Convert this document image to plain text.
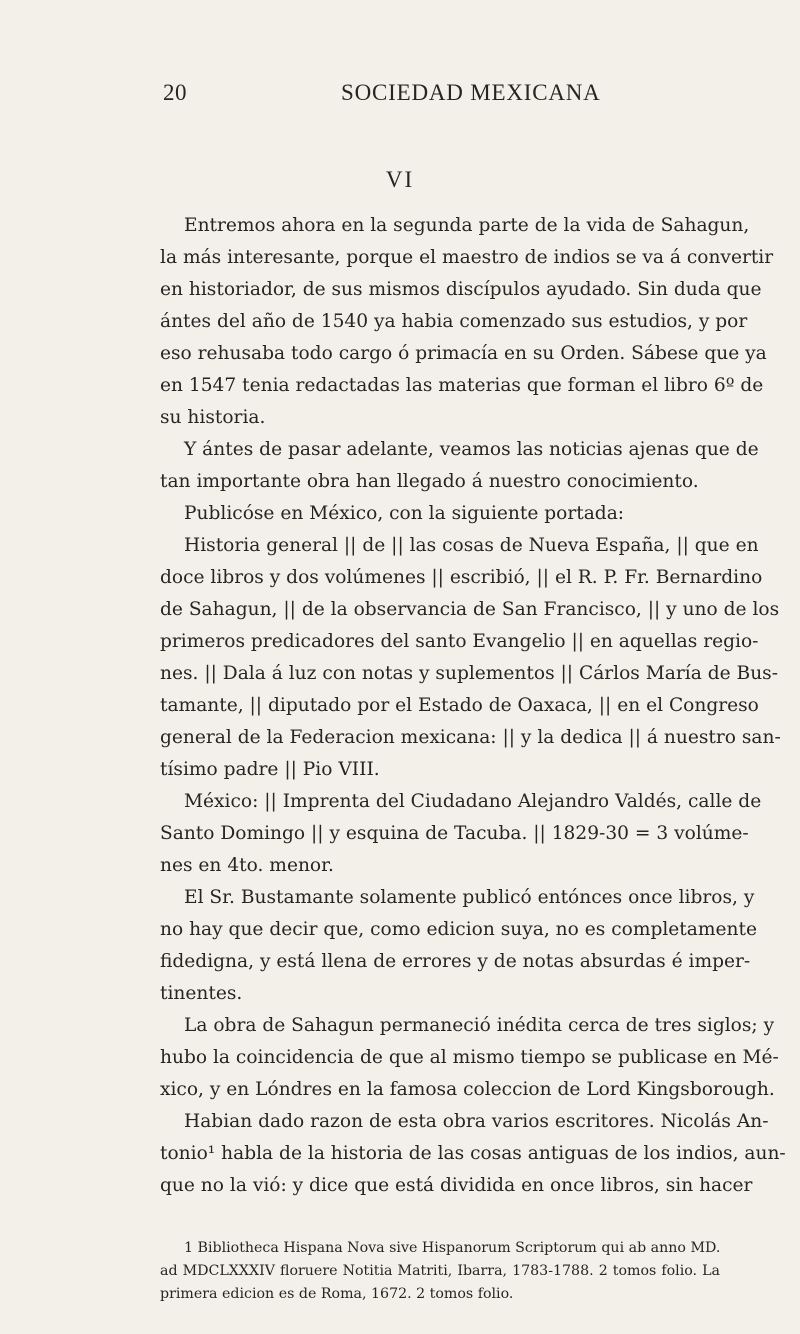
20	SOCIEDAD MEXICANA
VI
Entremos ahora en la segunda parte de la vida de Sahagun,
la más interesante, porque el maestro de indios se va á convertir
en historiador, de sus mismos discípulos ayudado. Sin duda que
ántes del año de 1540 ya habia comenzado sus estudios, y por
eso rehusaba todo cargo ó primacía en su Orden. Sábese que ya
en 1547 tenia redactadas las materias que forman el libro 6º de
su historia.
Y ántes de pasar adelante, veamos las noticias ajenas que de
tan importante obra han llegado á nuestro conocimiento.
Publicóse en México, con la siguiente portada:
Historia general || de || las cosas de Nueva España, || que en
doce libros y dos volúmenes || escribió, || el R. P. Fr. Bernardino
de Sahagun, || de la observancia de San Francisco, || y uno de los
primeros predicadores del santo Evangelio || en aquellas regio-
nes. || Dala á luz con notas y suplementos || Cárlos María de Bus-
tamante, || diputado por el Estado de Oaxaca, || en el Congreso
general de la Federacion mexicana: || y la dedica || á nuestro san-
tísimo padre || Pio VIII.
México: || Imprenta del Ciudadano Alejandro Valdés, calle de
Santo Domingo || y esquina de Tacuba. || 1829-30 = 3 volúme-
nes en 4to. menor.
El Sr. Bustamante solamente publicó entónces once libros, y
no hay que decir que, como edicion suya, no es completamente
fidedigna, y está llena de errores y de notas absurdas é imper-
tinentes.
La obra de Sahagun permaneció inédita cerca de tres siglos; y
hubo la coincidencia de que al mismo tiempo se publicase en Mé-
xico, y en Lóndres en la famosa coleccion de Lord Kingsborough.
Habian dado razon de esta obra varios escritores. Nicolás An-
tonio¹ habla de la historia de las cosas antiguas de los indios, aun-
que no la vió: y dice que está dividida en once libros, sin hacer
1 Bibliotheca Hispana Nova sive Hispanorum Scriptorum qui ab anno MD.
ad MDCLXXXIV floruere Notitia Matriti, Ibarra, 1783-1788. 2 tomos folio. La
primera edicion es de Roma, 1672. 2 tomos folio.
